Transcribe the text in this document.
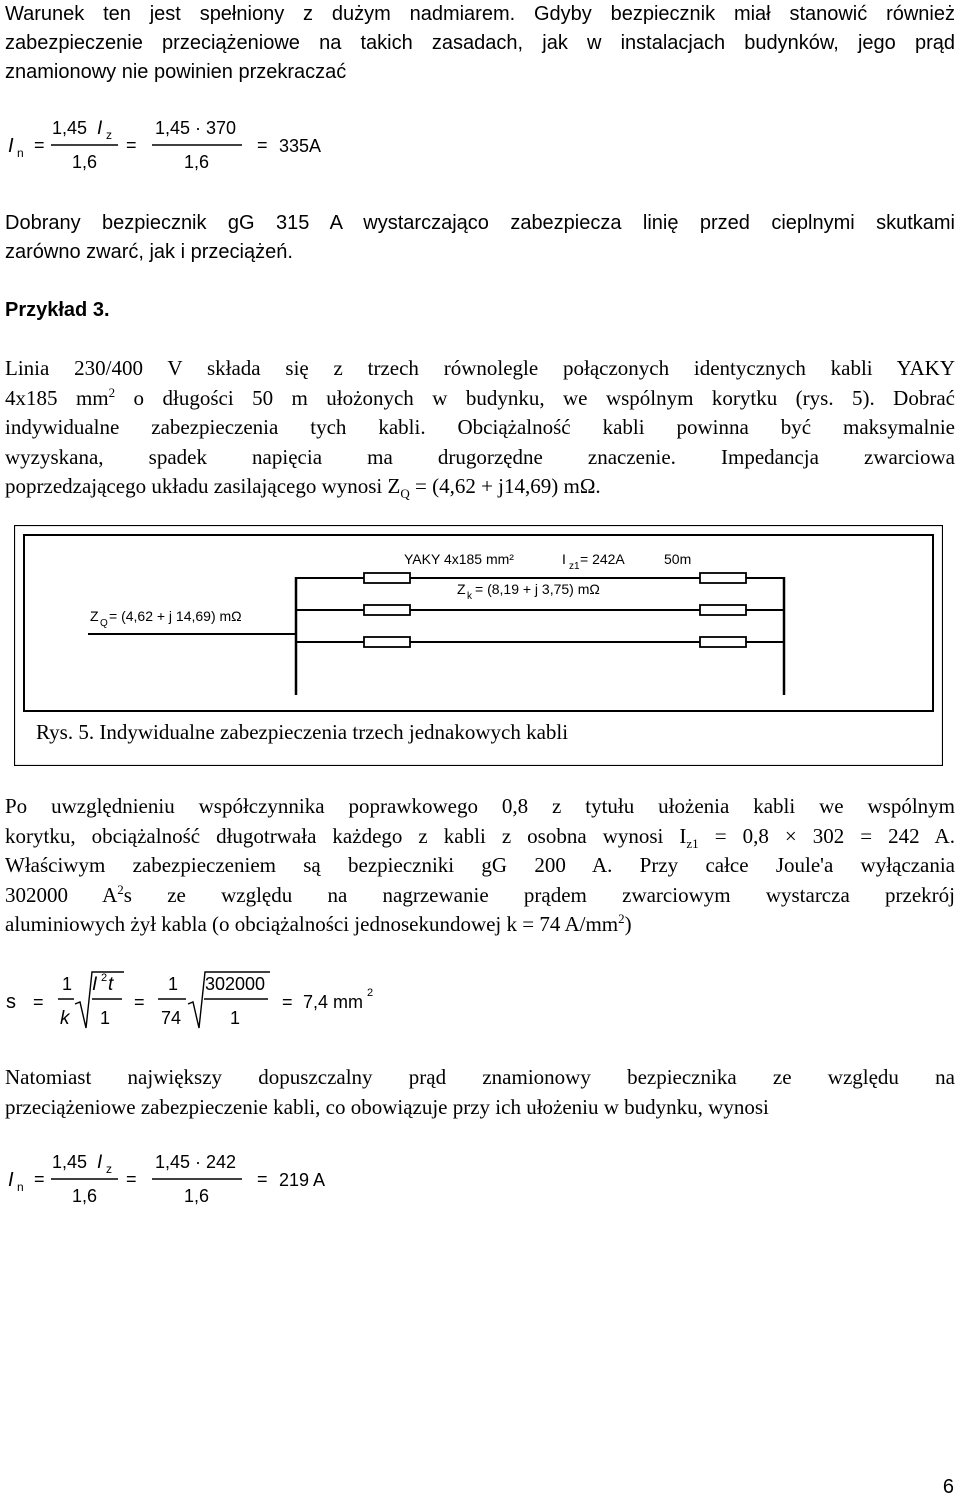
Warunek ten jest spełniony z dużym nadmiarem. Gdyby bezpiecznik miał stanowić również
zabezpieczenie przeciążeniowe na takich zasadach, jak w instalacjach budynków, jego prąd
znamionowy nie powinien przekraczać

I n =
1,45 I z
1,6
=
1,45 · 370
1,6
= 335A

Dobrany bezpiecznik gG 315 A wystarczająco zabezpiecza linię przed cieplnymi skutkami
zarówno zwarć, jak i przeciążeń.

Przykład 3.

Linia 230/400 V składa się z trzech równolegle połączonych identycznych kabli YAKY
4x185 $mm^2$ o długości 50 m ułożonych w budynku, we wspólnym korytku (rys. 5). Dobrać
indywidualne zabezpieczenia tych kabli. Obciążalność kabli powinna być maksymalnie
wyzyskana, spadek napięcia ma drugorzędne znaczenie. Impedancja zwarciowa
poprzedzającego układu zasilającego wynosi $Z_Q = (4,62 + j14,69)$ mΩ.

YAKY 4x185 mm²	I z1 = 242A	50m
Z k = (8,19 + j 3,75) mΩ
Z Q = (4,62 + j 14,69) mΩ
Rys. 5. Indywidualne zabezpieczenia trzech jednakowych kabli

Po uwzględnieniu współczynnika poprawkowego 0,8 z tytułu ułożenia kabli we wspólnym
korytku, obciążalność długotrwała każdego z kabli z osobna wynosi $I_{z1} = 0,8 \times 302 = 242$ A.
Właściwym zabezpieczeniem są bezpieczniki gG 200 A. Przy całce Joule'a wyłączania
302000 $A^2s$ ze względu na nagrzewanie prądem zwarciowym wystarcza przekrój
aluminiowych żył kabla (o obciążalności jednosekundowej k = 74 $A/mm^2$)

s =
1
k
I 2 t
1
=
1
74
302000
1
= 7,4 mm 2

Natomiast największy dopuszczalny prąd znamionowy bezpiecznika ze względu na
przeciążeniowe zabezpieczenie kabli, co obowiązuje przy ich ułożeniu w budynku, wynosi

I n =
1,45 I z
1,6
=
1,45 · 242
1,6
= 219 A
6
